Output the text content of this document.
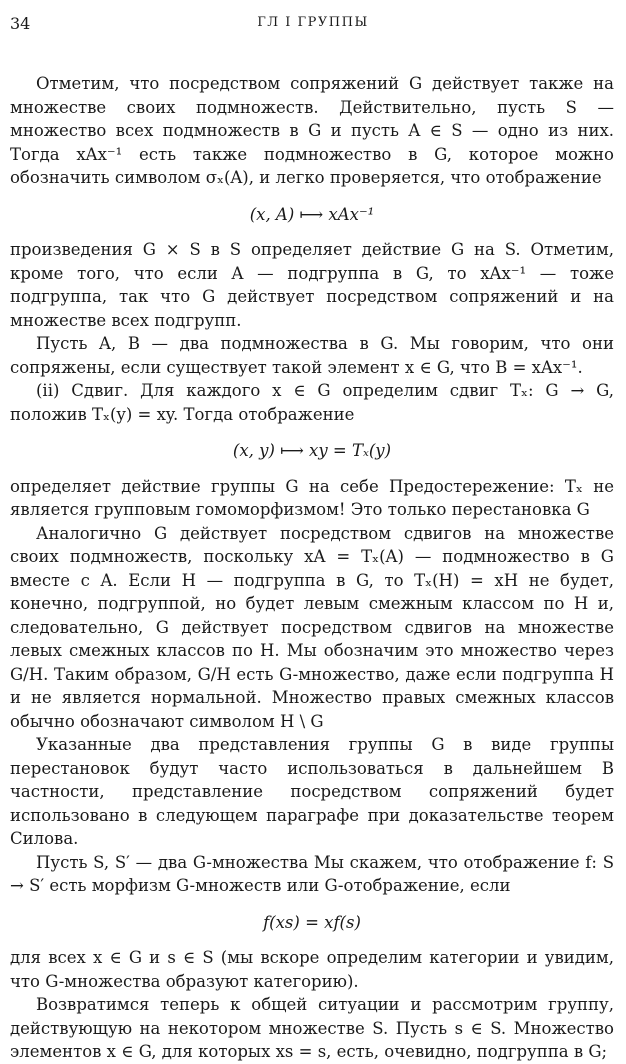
34	ГЛ I ГРУППЫ

Отметим, что посредством сопряжений G действует также на множестве своих подмножеств. Действительно, пусть S — множество всех подмножеств в G и пусть A ∈ S — одно из них. Тогда xAx⁻¹ есть также подмножество в G, которое можно обозначить символом σₓ(A), и легко проверяется, что отображение

(x, A) ⟼ xAx⁻¹

произведения G × S в S определяет действие G на S. Отметим, кроме того, что если A — подгруппа в G, то xAx⁻¹ — тоже подгруппа, так что G действует посредством сопряжений и на множестве всех подгрупп.

Пусть A, B — два подмножества в G. Мы говорим, что они сопряжены, если существует такой элемент x ∈ G, что B = xAx⁻¹.

(ii) Сдвиг. Для каждого x ∈ G определим сдвиг Tₓ: G → G, положив Tₓ(y) = xy. Тогда отображение

(x, y) ⟼ xy = Tₓ(y)

определяет действие группы G на себе Предостережение: Tₓ не является групповым гомоморфизмом! Это только перестановка G

Аналогично G действует посредством сдвигов на множестве своих подмножеств, поскольку xA = Tₓ(A) — подмножество в G вместе с A. Если H — подгруппа в G, то Tₓ(H) = xH не будет, конечно, подгруппой, но будет левым смежным классом по H и, следовательно, G действует посредством сдвигов на множестве левых смежных классов по H. Мы обозначим это множество через G/H. Таким образом, G/H есть G-множество, даже если подгруппа H и не является нормальной. Множество правых смежных классов обычно обозначают символом H \ G

Указанные два представления группы G в виде группы перестановок будут часто использоваться в дальнейшем В частности, представление посредством сопряжений будет использовано в следующем параграфе при доказательстве теорем Силова.

Пусть S, S′ — два G-множества Мы скажем, что отображение f: S → S′ есть морфизм G-множеств или G-отображение, если

f(xs) = xf(s)

для всех x ∈ G и s ∈ S (мы вскоре определим категории и увидим, что G-множества образуют категорию).

Возвратимся теперь к общей ситуации и рассмотрим группу, действующую на некотором множестве S. Пусть s ∈ S. Множество элементов x ∈ G, для которых xs = s, есть, очевидно, подгруппа в G;
